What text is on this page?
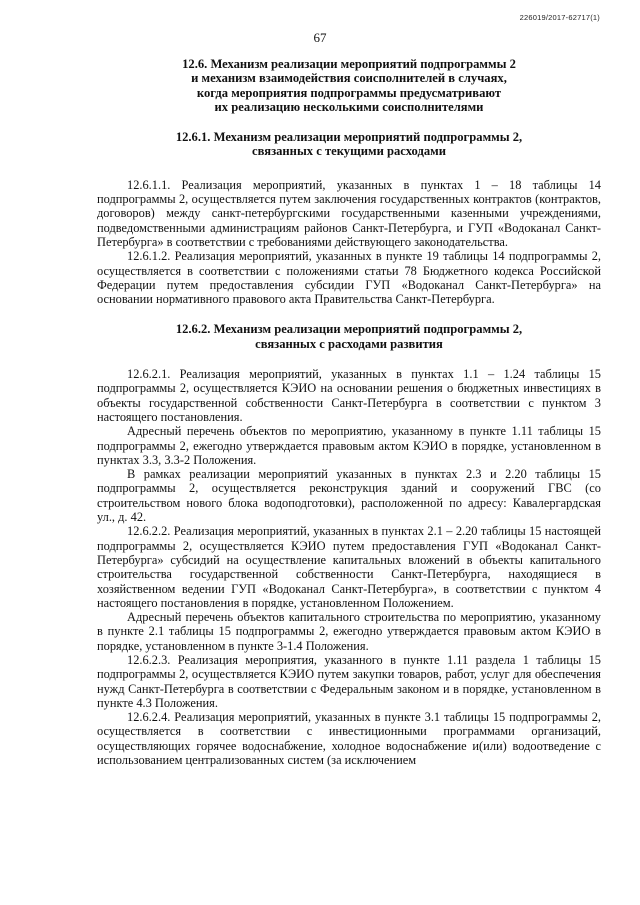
226019/2017-62717(1)
67
12.6. Механизм реализации мероприятий подпрограммы 2
и механизм взаимодействия соисполнителей в случаях,
когда мероприятия подпрограммы предусматривают
их реализацию несколькими соисполнителями
12.6.1. Механизм реализации мероприятий подпрограммы 2,
связанных с текущими расходами

12.6.1.1. Реализация мероприятий, указанных в пунктах 1 – 18 таблицы 14 подпрограммы 2, осуществляется путем заключения государственных контрактов (контрактов, договоров) между санкт-петербургскими государственными казенными учреждениями, подведомственными администрациям районов Санкт-Петербурга, и ГУП «Водоканал Санкт-Петербурга» в соответствии с требованиями действующего законодательства.

12.6.1.2. Реализация мероприятий, указанных в пункте 19 таблицы 14 подпрограммы 2, осуществляется в соответствии с положениями статьи 78 Бюджетного кодекса Российской Федерации путем предоставления субсидии ГУП «Водоканал Санкт-Петербурга» на основании нормативного правового акта Правительства Санкт-Петербурга.

12.6.2. Механизм реализации мероприятий подпрограммы 2,
связанных с расходами развития

12.6.2.1. Реализация мероприятий, указанных в пунктах 1.1 – 1.24 таблицы 15 подпрограммы 2, осуществляется КЭИО на основании решения о бюджетных инвестициях в объекты государственной собственности Санкт-Петербурга в соответствии с пунктом 3 настоящего постановления.

Адресный перечень объектов по мероприятию, указанному в пункте 1.11 таблицы 15 подпрограммы 2, ежегодно утверждается правовым актом КЭИО в порядке, установленном в пунктах 3.3, 3.3-2 Положения.

В рамках реализации мероприятий указанных в пунктах 2.3 и 2.20 таблицы 15 подпрограммы 2, осуществляется реконструкция зданий и сооружений ГВС (со строительством нового блока водоподготовки), расположенной по адресу: Кавалергардская ул., д. 42.

12.6.2.2. Реализация мероприятий, указанных в пунктах 2.1 – 2.20 таблицы 15 настоящей подпрограммы 2, осуществляется КЭИО путем предоставления ГУП «Водоканал Санкт-Петербурга» субсидий на осуществление капитальных вложений в объекты капитального строительства государственной собственности Санкт-Петербурга, находящиеся в хозяйственном ведении ГУП «Водоканал Санкт-Петербурга», в соответствии с пунктом 4 настоящего постановления в порядке, установленном Положением.

Адресный перечень объектов капитального строительства по мероприятию, указанному в пункте 2.1 таблицы 15 подпрограммы 2, ежегодно утверждается правовым актом КЭИО в порядке, установленном в пункте 3-1.4 Положения.

12.6.2.3. Реализация мероприятия, указанного в пункте 1.11 раздела 1 таблицы 15 подпрограммы 2, осуществляется КЭИО путем закупки товаров, работ, услуг для обеспечения нужд Санкт-Петербурга в соответствии с Федеральным законом и в порядке, установленном в пункте 4.3 Положения.

12.6.2.4. Реализация мероприятий, указанных в пункте 3.1 таблицы 15 подпрограммы 2, осуществляется в соответствии с инвестиционными программами организаций, осуществляющих горячее водоснабжение, холодное водоснабжение и(или) водоотведение с использованием централизованных систем (за исключением
